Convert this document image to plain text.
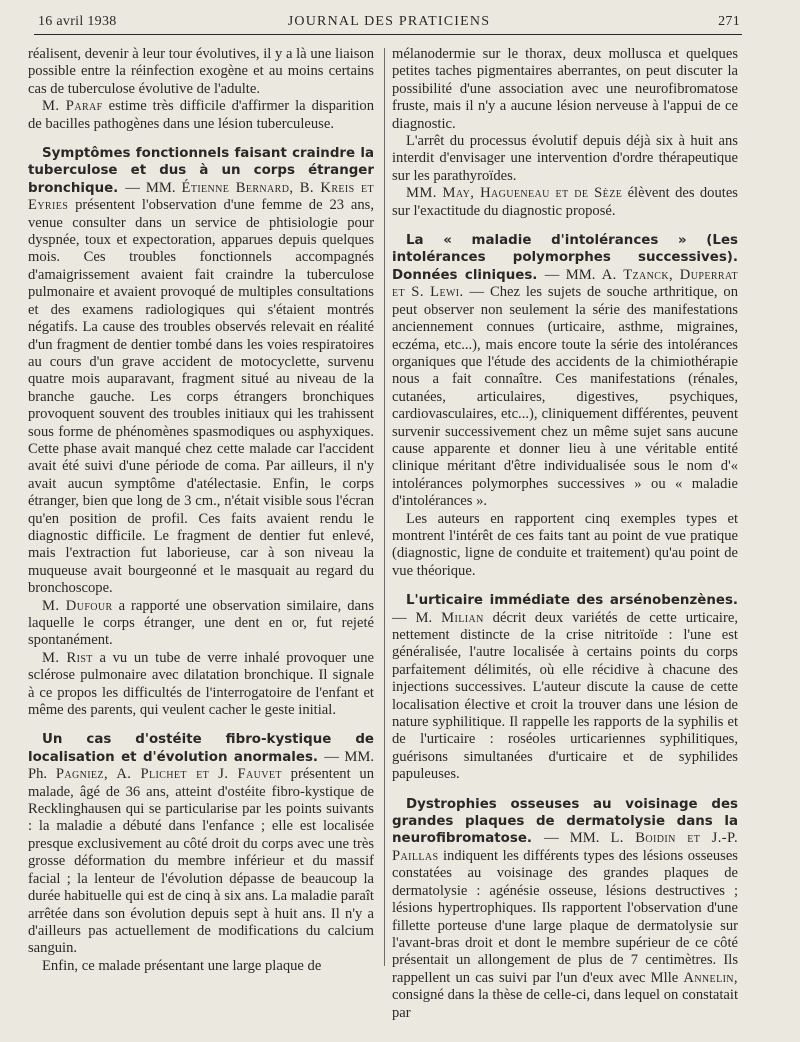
16 avril 1938	JOURNAL DES PRATICIENS	271

réalisent, devenir à leur tour évolutives, il y a là une liaison possible entre la réinfection exogène et au moins certains cas de tuberculose évolutive de l'adulte.

M. Paraf estime très difficile d'affirmer la disparition de bacilles pathogènes dans une lésion tuberculeuse.

Symptômes fonctionnels faisant craindre la tuberculose et dus à un corps étranger bronchique. — MM. Étienne Bernard, B. Kreis et Eyries présentent l'observation d'une femme de 23 ans, venue consulter dans un service de phtisiologie pour dyspnée, toux et expectoration, apparues depuis quelques mois. Ces troubles fonctionnels accompagnés d'amaigrissement avaient fait craindre la tuberculose pulmonaire et avaient provoqué de multiples consultations et des examens radiologiques qui s'étaient montrés négatifs. La cause des troubles observés relevait en réalité d'un fragment de dentier tombé dans les voies respiratoires au cours d'un grave accident de motocyclette, survenu quatre mois auparavant, fragment situé au niveau de la branche gauche. Les corps étrangers bronchiques provoquent souvent des troubles initiaux qui les trahissent sous forme de phénomènes spasmodiques ou asphyxiques. Cette phase avait manqué chez cette malade car l'accident avait été suivi d'une période de coma. Par ailleurs, il n'y avait aucun symptôme d'atélectasie. Enfin, le corps étranger, bien que long de 3 cm., n'était visible sous l'écran qu'en position de profil. Ces faits avaient rendu le diagnostic difficile. Le fragment de dentier fut enlevé, mais l'extraction fut laborieuse, car à son niveau la muqueuse avait bourgeonné et le masquait au regard du bronchoscope.

M. Dufour a rapporté une observation similaire, dans laquelle le corps étranger, une dent en or, fut rejeté spontanément.

M. Rist a vu un tube de verre inhalé provoquer une sclérose pulmonaire avec dilatation bronchique. Il signale à ce propos les difficultés de l'interrogatoire de l'enfant et même des parents, qui veulent cacher le geste initial.

Un cas d'ostéite fibro-kystique de localisation et d'évolution anormales. — MM. Ph. Pagniez, A. Plichet et J. Fauvet présentent un malade, âgé de 36 ans, atteint d'ostéite fibro-kystique de Recklinghausen qui se particularise par les points suivants : la maladie a débuté dans l'enfance ; elle est localisée presque exclusivement au côté droit du corps avec une très grosse déformation du membre inférieur et du massif facial ; la lenteur de l'évolution dépasse de beaucoup la durée habituelle qui est de cinq à six ans. La maladie paraît arrêtée dans son évolution depuis sept à huit ans. Il n'y a d'ailleurs pas actuellement de modifications du calcium sanguin.

Enfin, ce malade présentant une large plaque de

mélanodermie sur le thorax, deux mollusca et quelques petites taches pigmentaires aberrantes, on peut discuter la possibilité d'une association avec une neurofibromatose fruste, mais il n'y a aucune lésion nerveuse à l'appui de ce diagnostic.

L'arrêt du processus évolutif depuis déjà six à huit ans interdit d'envisager une intervention d'ordre thérapeutique sur les parathyroïdes.

MM. May, Hagueneau et de Sèze élèvent des doutes sur l'exactitude du diagnostic proposé.

La « maladie d'intolérances » (Les intolérances polymorphes successives). Données cliniques. — MM. A. Tzanck, Duperrat et S. Lewi. — Chez les sujets de souche arthritique, on peut observer non seulement la série des manifestations anciennement connues (urticaire, asthme, migraines, eczéma, etc...), mais encore toute la série des intolérances organiques que l'étude des accidents de la chimiothérapie nous a fait connaître. Ces manifestations (rénales, cutanées, articulaires, digestives, psychiques, cardiovasculaires, etc...), cliniquement différentes, peuvent survenir successivement chez un même sujet sans aucune cause apparente et donner lieu à une véritable entité clinique méritant d'être individualisée sous le nom d'« intolérances polymorphes successives » ou « maladie d'intolérances ».

Les auteurs en rapportent cinq exemples types et montrent l'intérêt de ces faits tant au point de vue pratique (diagnostic, ligne de conduite et traitement) qu'au point de vue théorique.

L'urticaire immédiate des arsénobenzènes. — M. Milian décrit deux variétés de cette urticaire, nettement distincte de la crise nitritoïde : l'une est généralisée, l'autre localisée à certains points du corps parfaitement délimités, où elle récidive à chacune des injections successives. L'auteur discute la cause de cette localisation élective et croit la trouver dans une lésion de nature syphilitique. Il rappelle les rapports de la syphilis et de l'urticaire : roséoles urticariennes syphilitiques, guérisons simultanées d'urticaire et de syphilides papuleuses.

Dystrophies osseuses au voisinage des grandes plaques de dermatolysie dans la neurofibromatose. — MM. L. Boidin et J.-P. Paillas indiquent les différents types des lésions osseuses constatées au voisinage des grandes plaques de dermatolysie : agénésie osseuse, lésions destructives ; lésions hypertrophiques. Ils rapportent l'observation d'une fillette porteuse d'une large plaque de dermatolysie sur l'avant-bras droit et dont le membre supérieur de ce côté présentait un allongement de plus de 7 centimètres. Ils rappellent un cas suivi par l'un d'eux avec Mlle Annelin, consigné dans la thèse de celle-ci, dans lequel on constatait par
